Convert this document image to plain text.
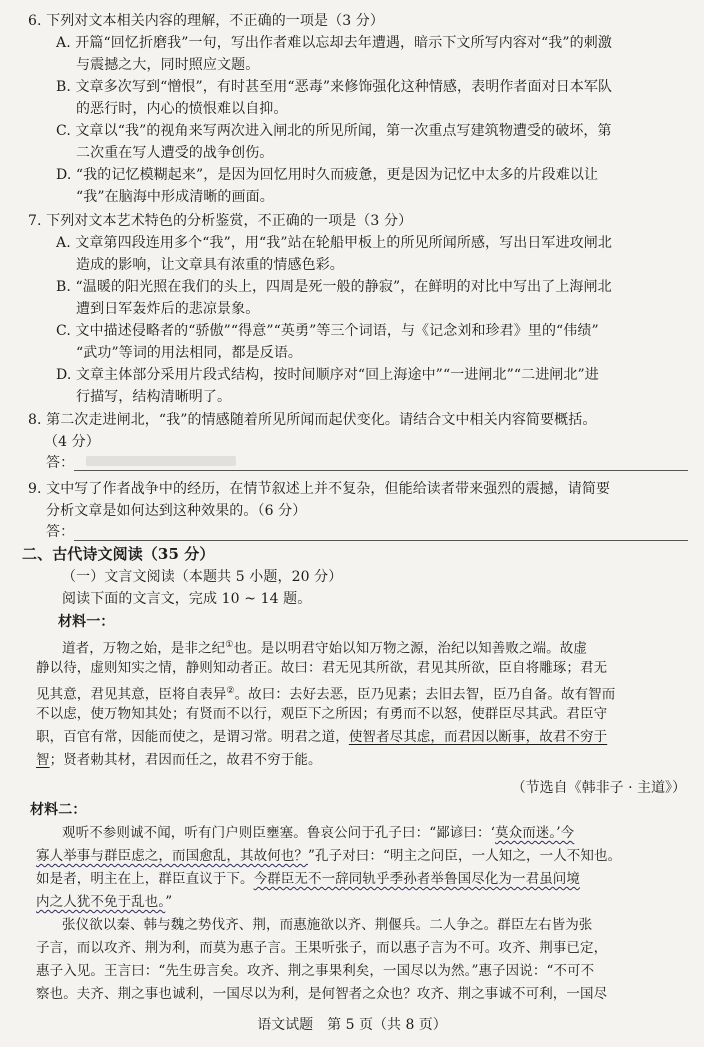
6. 下列对文本相关内容的理解，不正确的一项是（3 分）
A. 开篇“回忆折磨我”一句，写出作者难以忘却去年遭遇，暗示下文所写内容对“我”的刺激
与震撼之大，同时照应文题。
B. 文章多次写到“憎恨”，有时甚至用“恶毒”来修饰强化这种情感，表明作者面对日本军队
的恶行时，内心的愤恨难以自抑。
C. 文章以“我”的视角来写两次进入闸北的所见所闻，第一次重点写建筑物遭受的破坏，第
二次重在写人遭受的战争创伤。
D. “我的记忆模糊起来”，是因为回忆用时久而疲惫，更是因为记忆中太多的片段难以让
“我”在脑海中形成清晰的画面。
7. 下列对文本艺术特色的分析鉴赏，不正确的一项是（3 分）
A. 文章第四段连用多个“我”，用“我”站在轮船甲板上的所见所闻所感，写出日军进攻闸北
造成的影响，让文章具有浓重的情感色彩。
B. “温暖的阳光照在我们的头上，四周是死一般的静寂”，在鲜明的对比中写出了上海闸北
遭到日军轰炸后的悲凉景象。
C. 文中描述侵略者的“骄傲”“得意”“英勇”等三个词语，与《记念刘和珍君》里的“伟绩”
“武功”等词的用法相同，都是反语。
D. 文章主体部分采用片段式结构，按时间顺序对“回上海途中”“一进闸北”“二进闸北”进
行描写，结构清晰明了。
8. 第二次走进闸北，“我”的情感随着所见所闻而起伏变化。请结合文中相关内容简要概括。
（4 分）
答：
9. 文中写了作者战争中的经历，在情节叙述上并不复杂，但能给读者带来强烈的震撼，请简要
分析文章是如何达到这种效果的。（6 分）
答：
二、古代诗文阅读（35 分）
（一）文言文阅读（本题共 5 小题，20 分）
阅读下面的文言文，完成 10 ~ 14 题。
材料一：
道者，万物之始，是非之纪①也。是以明君守始以知万物之源，治纪以知善败之端。故虚
静以待，虚则知实之情，静则知动者正。故曰：君无见其所欲，君见其所欲，臣自将雕琢；君无
见其意，君见其意，臣将自表异②。故曰：去好去恶，臣乃见素；去旧去智，臣乃自备。故有智而
不以虑，使万物知其处；有贤而不以行，观臣下之所因；有勇而不以怒，使群臣尽其武。君臣守
职，百官有常，因能而使之，是谓习常。明君之道，使智者尽其虑，而君因以断事，故君不穷于
智；贤者勅其材，君因而任之，故君不穷于能。
（节选自《韩非子 · 主道》）
材料二：
观听不参则诚不闻，听有门户则臣壅塞。鲁哀公问于孔子曰：“鄙谚曰：‘莫众而迷。’今
寡人举事与群臣虑之，而国愈乱，其故何也？”孔子对曰：“明主之问臣，一人知之，一人不知也。
如是者，明主在上，群臣直议于下。今群臣无不一辞同轨乎季孙者举鲁国尽化为一君虽问境
内之人犹不免于乱也。”
张仪欲以秦、韩与魏之势伐齐、荆，而惠施欲以齐、荆偃兵。二人争之。群臣左右皆为张
子言，而以攻齐、荆为利，而莫为惠子言。王果听张子，而以惠子言为不可。攻齐、荆事已定，
惠子入见。王言曰：“先生毋言矣。攻齐、荆之事果利矣，一国尽以为然。”惠子因说：“不可不
察也。夫齐、荆之事也诚利，一国尽以为利，是何智者之众也？攻齐、荆之事诚不可利，一国尽
语文试题　第 5 页（共 8 页）
